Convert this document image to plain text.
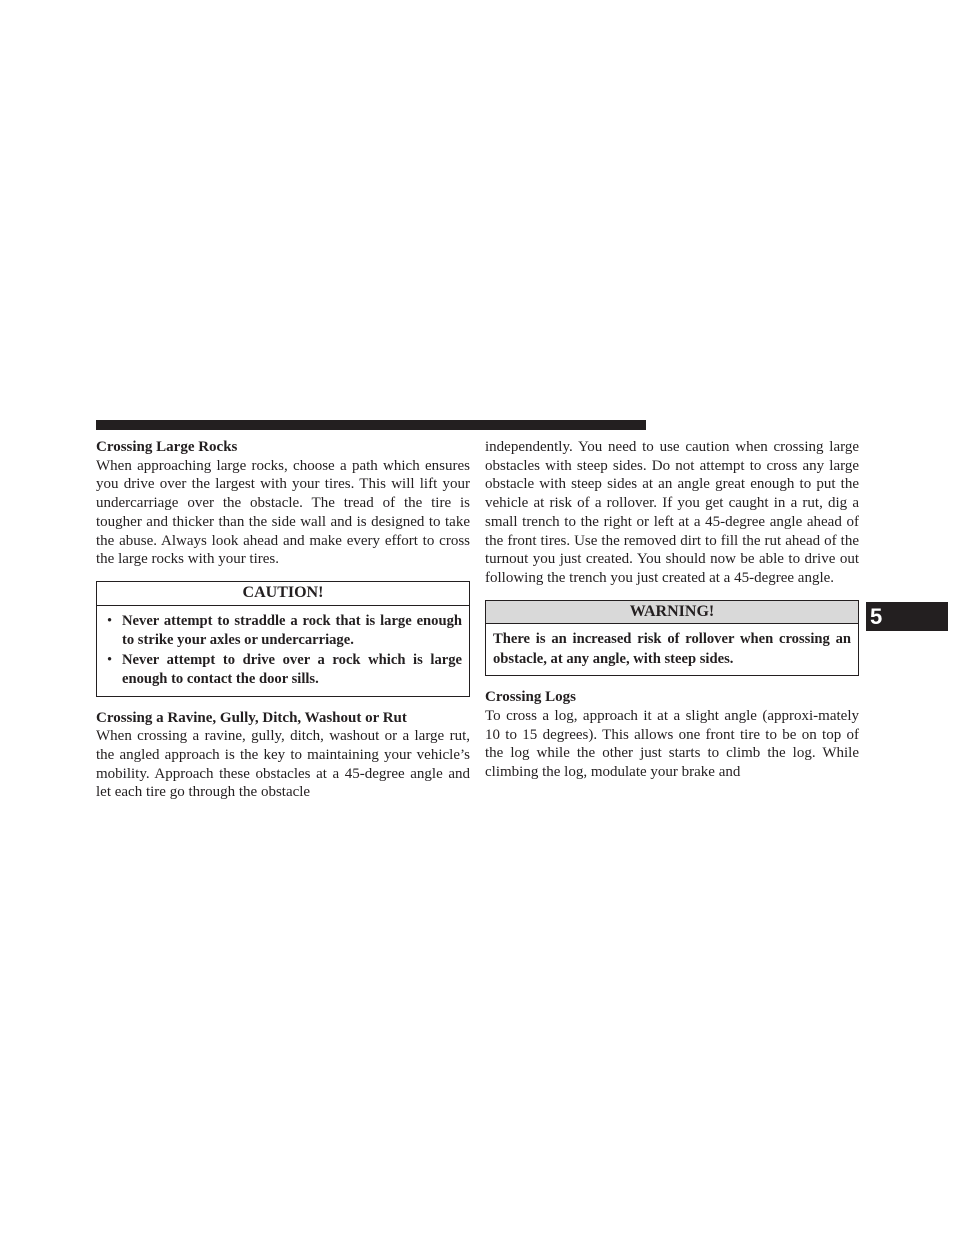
Crossing Large Rocks

When approaching large rocks, choose a path which ensures you drive over the largest with your tires. This will lift your undercarriage over the obstacle. The tread of the tire is tougher and thicker than the side wall and is designed to take the abuse. Always look ahead and make every effort to cross the large rocks with your tires.

CAUTION!
• Never attempt to straddle a rock that is large enough to strike your axles or undercarriage.
• Never attempt to drive over a rock which is large enough to contact the door sills.

Crossing a Ravine, Gully, Ditch, Washout or Rut

When crossing a ravine, gully, ditch, washout or a large rut, the angled approach is the key to maintaining your vehicle’s mobility. Approach these obstacles at a 45-degree angle and let each tire go through the obstacle

independently. You need to use caution when crossing large obstacles with steep sides. Do not attempt to cross any large obstacle with steep sides at an angle great enough to put the vehicle at risk of a rollover. If you get caught in a rut, dig a small trench to the right or left at a 45-degree angle ahead of the front tires. Use the removed dirt to fill the rut ahead of the turnout you just created. You should now be able to drive out following the trench you just created at a 45-degree angle.

WARNING!
There is an increased risk of rollover when crossing an obstacle, at any angle, with steep sides.

Crossing Logs

To cross a log, approach it at a slight angle (approxi-mately 10 to 15 degrees). This allows one front tire to be on top of the log while the other just starts to climb the log. While climbing the log, modulate your brake and

5
